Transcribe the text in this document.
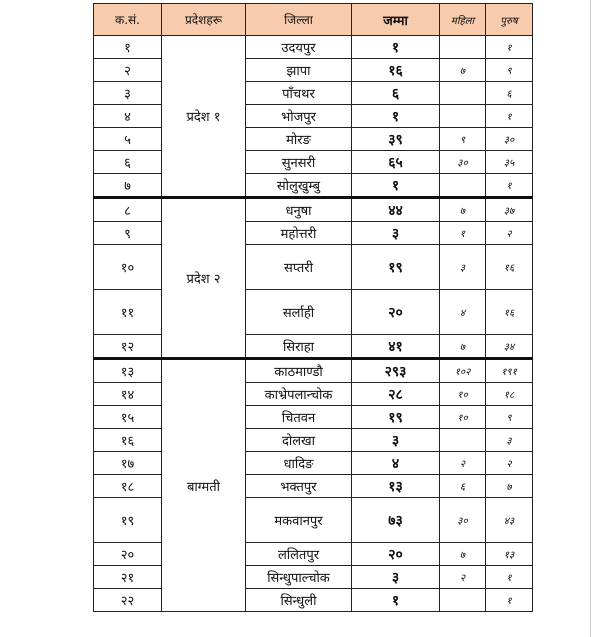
क.सं.	प्रदेशहरू	जिल्ला	जम्मा	महिला	पुरुष
१	प्रदेश १	उदयपुर	१		१
२		झापा	१६	७	९
३		पाँचथर	६		६
४		भोजपुर	१		१
५		मोरङ	३९	९	३०
६		सुनसरी	६५	३०	३५
७		सोलुखुम्बु	१		१
८	प्रदेश २	धनुषा	४४	७	३७
९		महोत्तरी	३	१	२
१०		सप्तरी	१९	३	१६
११		सर्लाही	२०	४	१६
१२		सिराहा	४१	७	३४
१३	बाग्मती	काठमाण्डौ	२९३	१०२	१९१
१४		काभ्रेपलान्चोक	२८	१०	१८
१५		चितवन	१९	१०	९
१६		दोलखा	३		३
१७		धादिङ	४	२	२
१८		भक्तपुर	१३	६	७
१९		मकवानपुर	७३	३०	४३
२०		ललितपुर	२०	७	१३
२१		सिन्धुपाल्चोक	३	२	१
२२		सिन्धुली	१		१
